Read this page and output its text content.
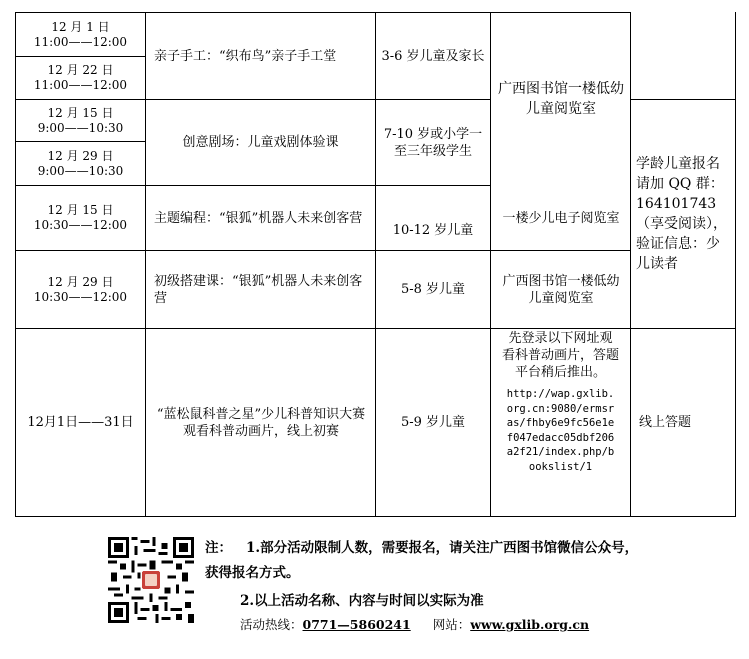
12 月 1 日
11:00——12:00
12 月 22 日
11:00——12:00
亲子手工：“织布鸟”亲子手工堂	3-6 岁儿童及家长
广西图书馆一楼低幼儿童阅览室
12 月 15 日
9:00——10:30
12 月 29 日
9:00——10:30
创意剧场：儿童戏剧体验课
7-10 岁或小学一至三年级学生
学龄儿童报名请加 QQ 群：164101743（享受阅读），验证信息：少儿读者
12 月 15 日
10:30——12:00	主题编程：“银狐”机器人未来创客营
10-12 岁儿童
一楼少儿电子阅览室
12 月 29 日
10:30——12:00
初级搭建课：“银狐”机器人未来创客营
5-8 岁儿童
广西图书馆一楼低幼儿童阅览室
12月1日——31日
“蓝松鼠科普之星”少儿科普知识大赛观看科普动画片，线上初赛
5-9 岁儿童
先登录以下网址观
看科普动画片，答题
平台稍后推出。
http://wap.gxlib.
org.cn:9080/ermsr
as/fhby6e9fc56e1e
f047edacc05dbf206
a2f21/index.php/b
ookslist/1
线上答题
注： 1.部分活动限制人数，需要报名，请关注广西图书馆微信公众号，
获得报名方式。
2.以上活动名称、内容与时间以实际为准
活动热线：0771—5860241 网站：www.gxlib.org.cn
